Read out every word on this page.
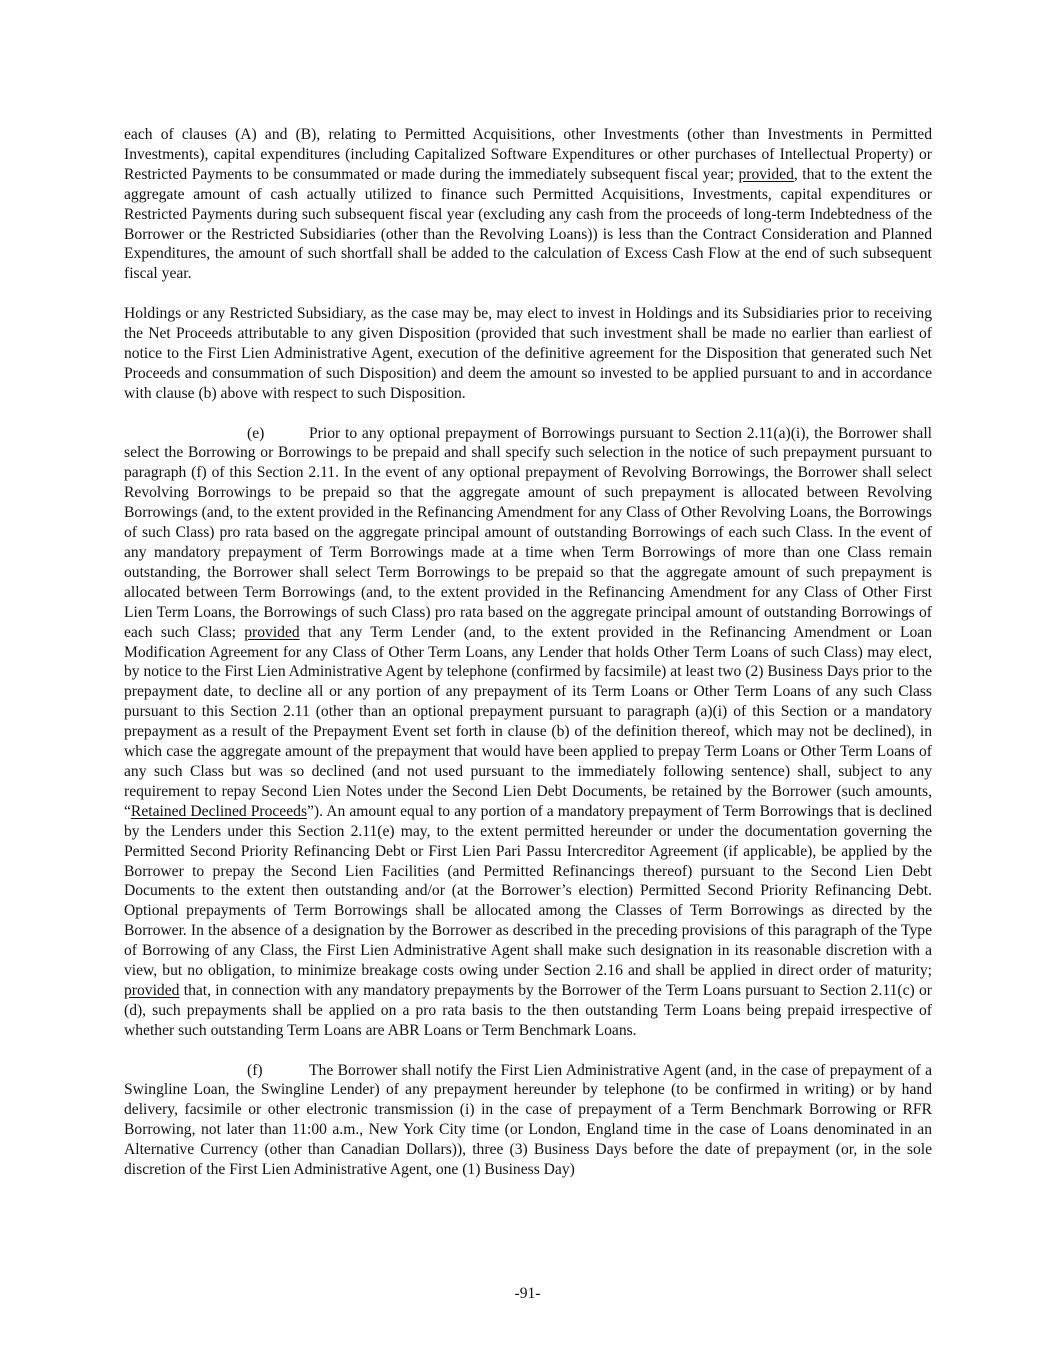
each of clauses (A) and (B), relating to Permitted Acquisitions, other Investments (other than Investments in Permitted Investments), capital expenditures (including Capitalized Software Expenditures or other purchases of Intellectual Property) or Restricted Payments to be consummated or made during the immediately subsequent fiscal year; provided, that to the extent the aggregate amount of cash actually utilized to finance such Permitted Acquisitions, Investments, capital expenditures or Restricted Payments during such subsequent fiscal year (excluding any cash from the proceeds of long-term Indebtedness of the Borrower or the Restricted Subsidiaries (other than the Revolving Loans)) is less than the Contract Consideration and Planned Expenditures, the amount of such shortfall shall be added to the calculation of Excess Cash Flow at the end of such subsequent fiscal year.

Holdings or any Restricted Subsidiary, as the case may be, may elect to invest in Holdings and its Subsidiaries prior to receiving the Net Proceeds attributable to any given Disposition (provided that such investment shall be made no earlier than earliest of notice to the First Lien Administrative Agent, execution of the definitive agreement for the Disposition that generated such Net Proceeds and consummation of such Disposition) and deem the amount so invested to be applied pursuant to and in accordance with clause (b) above with respect to such Disposition.

(e)	Prior to any optional prepayment of Borrowings pursuant to Section 2.11(a)(i), the Borrower shall select the Borrowing or Borrowings to be prepaid and shall specify such selection in the notice of such prepayment pursuant to paragraph (f) of this Section 2.11. In the event of any optional prepayment of Revolving Borrowings, the Borrower shall select Revolving Borrowings to be prepaid so that the aggregate amount of such prepayment is allocated between Revolving Borrowings (and, to the extent provided in the Refinancing Amendment for any Class of Other Revolving Loans, the Borrowings of such Class) pro rata based on the aggregate principal amount of outstanding Borrowings of each such Class. In the event of any mandatory prepayment of Term Borrowings made at a time when Term Borrowings of more than one Class remain outstanding, the Borrower shall select Term Borrowings to be prepaid so that the aggregate amount of such prepayment is allocated between Term Borrowings (and, to the extent provided in the Refinancing Amendment for any Class of Other First Lien Term Loans, the Borrowings of such Class) pro rata based on the aggregate principal amount of outstanding Borrowings of each such Class; provided that any Term Lender (and, to the extent provided in the Refinancing Amendment or Loan Modification Agreement for any Class of Other Term Loans, any Lender that holds Other Term Loans of such Class) may elect, by notice to the First Lien Administrative Agent by telephone (confirmed by facsimile) at least two (2) Business Days prior to the prepayment date, to decline all or any portion of any prepayment of its Term Loans or Other Term Loans of any such Class pursuant to this Section 2.11 (other than an optional prepayment pursuant to paragraph (a)(i) of this Section or a mandatory prepayment as a result of the Prepayment Event set forth in clause (b) of the definition thereof, which may not be declined), in which case the aggregate amount of the prepayment that would have been applied to prepay Term Loans or Other Term Loans of any such Class but was so declined (and not used pursuant to the immediately following sentence) shall, subject to any requirement to repay Second Lien Notes under the Second Lien Debt Documents, be retained by the Borrower (such amounts, “Retained Declined Proceeds”). An amount equal to any portion of a mandatory prepayment of Term Borrowings that is declined by the Lenders under this Section 2.11(e) may, to the extent permitted hereunder or under the documentation governing the Permitted Second Priority Refinancing Debt or First Lien Pari Passu Intercreditor Agreement (if applicable), be applied by the Borrower to prepay the Second Lien Facilities (and Permitted Refinancings thereof) pursuant to the Second Lien Debt Documents to the extent then outstanding and/or (at the Borrower’s election) Permitted Second Priority Refinancing Debt. Optional prepayments of Term Borrowings shall be allocated among the Classes of Term Borrowings as directed by the Borrower. In the absence of a designation by the Borrower as described in the preceding provisions of this paragraph of the Type of Borrowing of any Class, the First Lien Administrative Agent shall make such designation in its reasonable discretion with a view, but no obligation, to minimize breakage costs owing under Section 2.16 and shall be applied in direct order of maturity; provided that, in connection with any mandatory prepayments by the Borrower of the Term Loans pursuant to Section 2.11(c) or (d), such prepayments shall be applied on a pro rata basis to the then outstanding Term Loans being prepaid irrespective of whether such outstanding Term Loans are ABR Loans or Term Benchmark Loans.

(f)	The Borrower shall notify the First Lien Administrative Agent (and, in the case of prepayment of a Swingline Loan, the Swingline Lender) of any prepayment hereunder by telephone (to be confirmed in writing) or by hand delivery, facsimile or other electronic transmission (i) in the case of prepayment of a Term Benchmark Borrowing or RFR Borrowing, not later than 11:00 a.m., New York City time (or London, England time in the case of Loans denominated in an Alternative Currency (other than Canadian Dollars)), three (3) Business Days before the date of prepayment (or, in the sole discretion of the First Lien Administrative Agent, one (1) Business Day)

-91-
